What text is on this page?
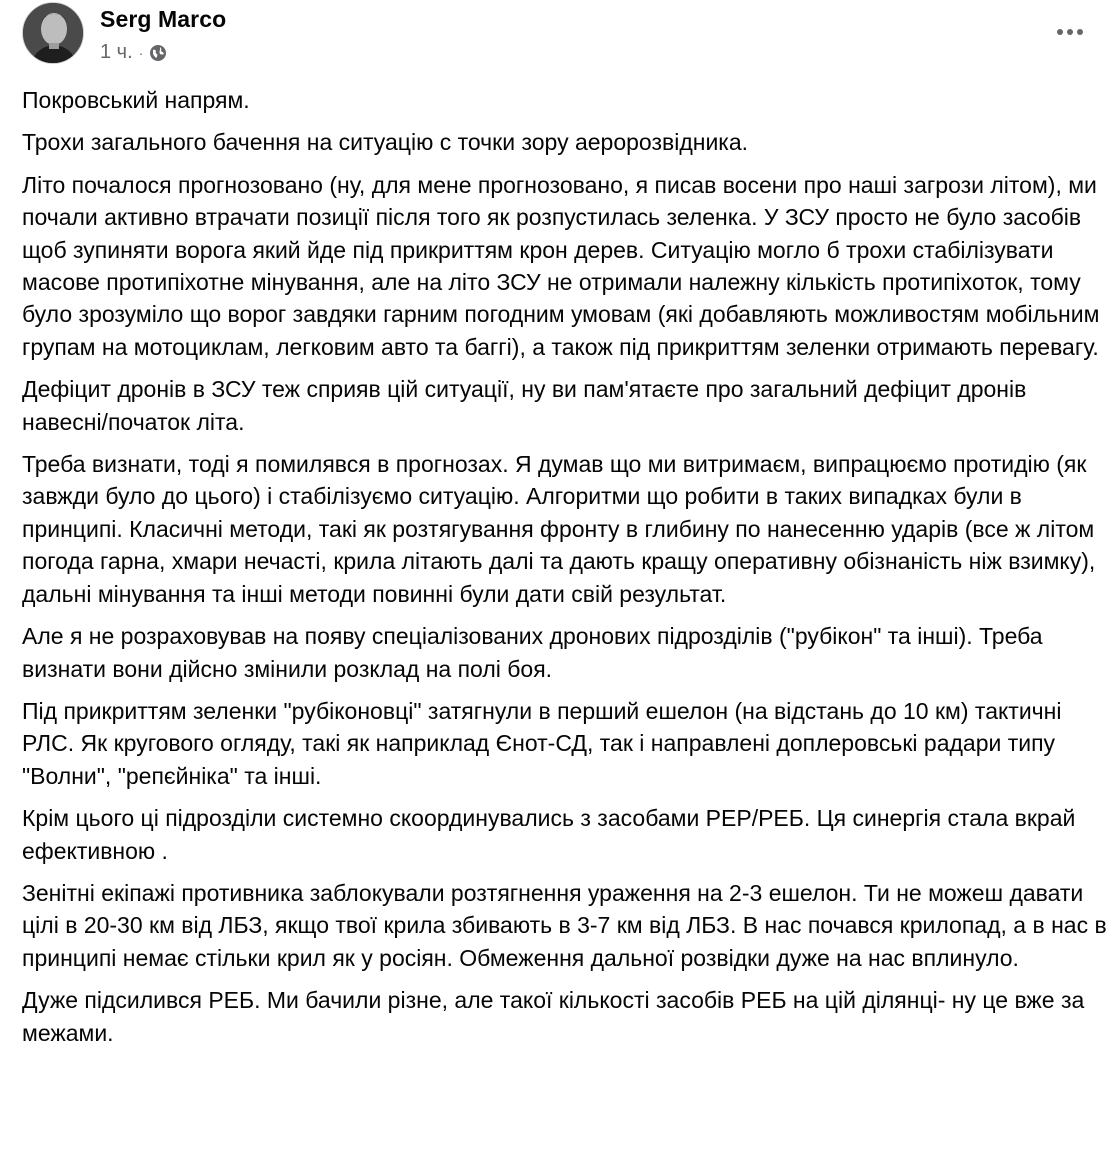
Serg Marco
1 ч. ·

Покровський напрям.

Трохи загального бачення на ситуацію с точки зору аеророзвідника.

Літо почалося прогнозовано (ну, для мене прогнозовано, я писав восени про наші загрози літом), ми почали активно втрачати позиції після того як розпустилась зеленка. У ЗСУ просто не було засобів щоб зупиняти ворога який йде під прикриттям крон дерев. Ситуацію могло б трохи стабілізувати масове протипіхотне мінування, але на літо ЗСУ не отримали належну кількість протипіхоток, тому було зрозуміло що ворог завдяки гарним погодним умовам (які добавляють можливостям мобільним групам на мотоциклам, легковим авто та баггі), а також під прикриттям зеленки отримають перевагу.

Дефіцит дронів в ЗСУ теж сприяв цій ситуації, ну ви пам'ятаєте про загальний дефіцит дронів навесні/початок літа.

Треба визнати, тоді я помилявся в прогнозах. Я думав що ми витримаєм, випрацюємо протидію (як завжди було до цього) і стабілізуємо ситуацію. Алгоритми що робити в таких випадках були в принципі. Класичні методи, такі як розтягування фронту в глибину по нанесенню ударів (все ж літом погода гарна, хмари нечасті, крила літають далі та дають кращу оперативну обізнаність ніж взимку), дальні мінування та інші методи повинні були дати свій результат.

Але я не розраховував на появу спеціалізованих дронових підрозділів ("рубікон" та інші). Треба визнати вони дійсно змінили розклад на полі боя.

Під прикриттям зеленки "рубіконовці" затягнули в перший ешелон (на відстань до 10 км) тактичні РЛС. Як кругового огляду, такі як наприклад Єнот-СД, так і направлені доплеровські радари типу "Волни", "репєйніка" та інші.

Крім цього ці підрозділи системно скоординувались з засобами РЕР/РЕБ. Ця синергія стала вкрай ефективною .

Зенітні екіпажі противника заблокували розтягнення ураження на 2-3 ешелон. Ти не можеш давати цілі в 20-30 км від ЛБЗ, якщо твої крила збивають в 3-7 км від ЛБЗ. В нас почався крилопад, а в нас в принципі немає стільки крил як у росіян. Обмеження дальної розвідки дуже на нас вплинуло.

Дуже підсилився РЕБ. Ми бачили різне, але такої кількості засобів РЕБ на цій ділянці- ну це вже за межами.
